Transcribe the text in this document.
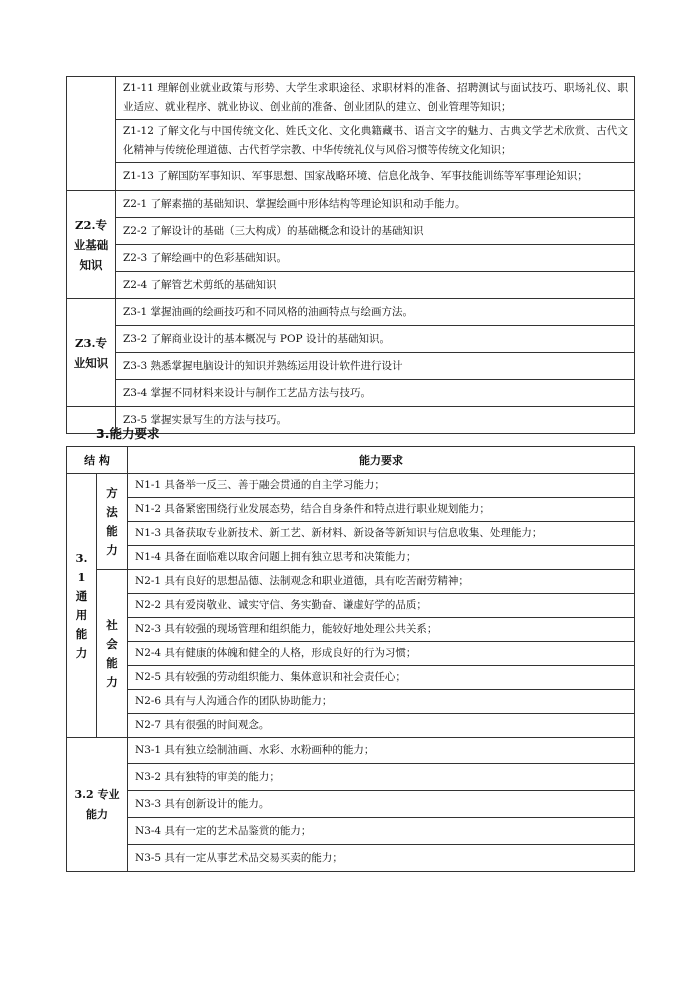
	Z1-11 理解创业就业政策与形势、大学生求职途径、求职材料的准备、招聘测试与面试技巧、职场礼仪、职业适应、就业程序、就业协议、创业前的准备、创业团队的建立、创业管理等知识；
	Z1-12 了解文化与中国传统文化、姓氏文化、文化典籍藏书、语言文字的魅力、古典文学艺术欣赏、古代文化精神与传统伦理道德、古代哲学宗教、中华传统礼仪与风俗习惯等传统文化知识；
	Z1-13 了解国防军事知识、军事思想、国家战略环境、信息化战争、军事技能训练等军事理论知识；
Z2.专业基础知识	Z2-1 了解素描的基础知识、掌握绘画中形体结构等理论知识和动手能力。
	Z2-2 了解设计的基础（三大构成）的基础概念和设计的基础知识
	Z2-3 了解绘画中的色彩基础知识。
	Z2-4 了解管艺术剪纸的基础知识
Z3.专业知识	Z3-1 掌握油画的绘画技巧和不同风格的油画特点与绘画方法。
	Z3-2 了解商业设计的基本概况与 POP 设计的基础知识。
	Z3-3 熟悉掌握电脑设计的知识并熟练运用设计软件进行设计
	Z3-4 掌握不同材料来设计与制作工艺品方法与技巧。
	Z3-5 掌握实景写生的方法与技巧。
3.能力要求
结 构		能力要求

3.1通用能力	方法能力	N1-1 具备举一反三、善于融会贯通的自主学习能力；
		N1-2 具备紧密围绕行业发展态势，结合自身条件和特点进行职业规划能力；
		N1-3 具备获取专业新技术、新工艺、新材料、新设备等新知识与信息收集、处理能力；
		N1-4 具备在面临难以取舍问题上拥有独立思考和决策能力；

	社会能力	N2-1 具有良好的思想品德、法制观念和职业道德，具有吃苦耐劳精神；
		N2-2 具有爱岗敬业、诚实守信、务实勤奋、谦虚好学的品质；
		N2-3 具有较强的现场管理和组织能力，能较好地处理公共关系；
		N2-4 具有健康的体魄和健全的人格，形成良好的行为习惯；
		N2-5 具有较强的劳动组织能力、集体意识和社会责任心；
		N2-6 具有与人沟通合作的团队协助能力；
		N2-7 具有很强的时间观念。
3.2 专业能力		N3-1 具有独立绘制油画、水彩、水粉画种的能力；
		N3-2 具有独特的审美的能力；
		N3-3 具有创新设计的能力。
		N3-4 具有一定的艺术品鉴赏的能力；
		N3-5 具有一定从事艺术品交易买卖的能力；
